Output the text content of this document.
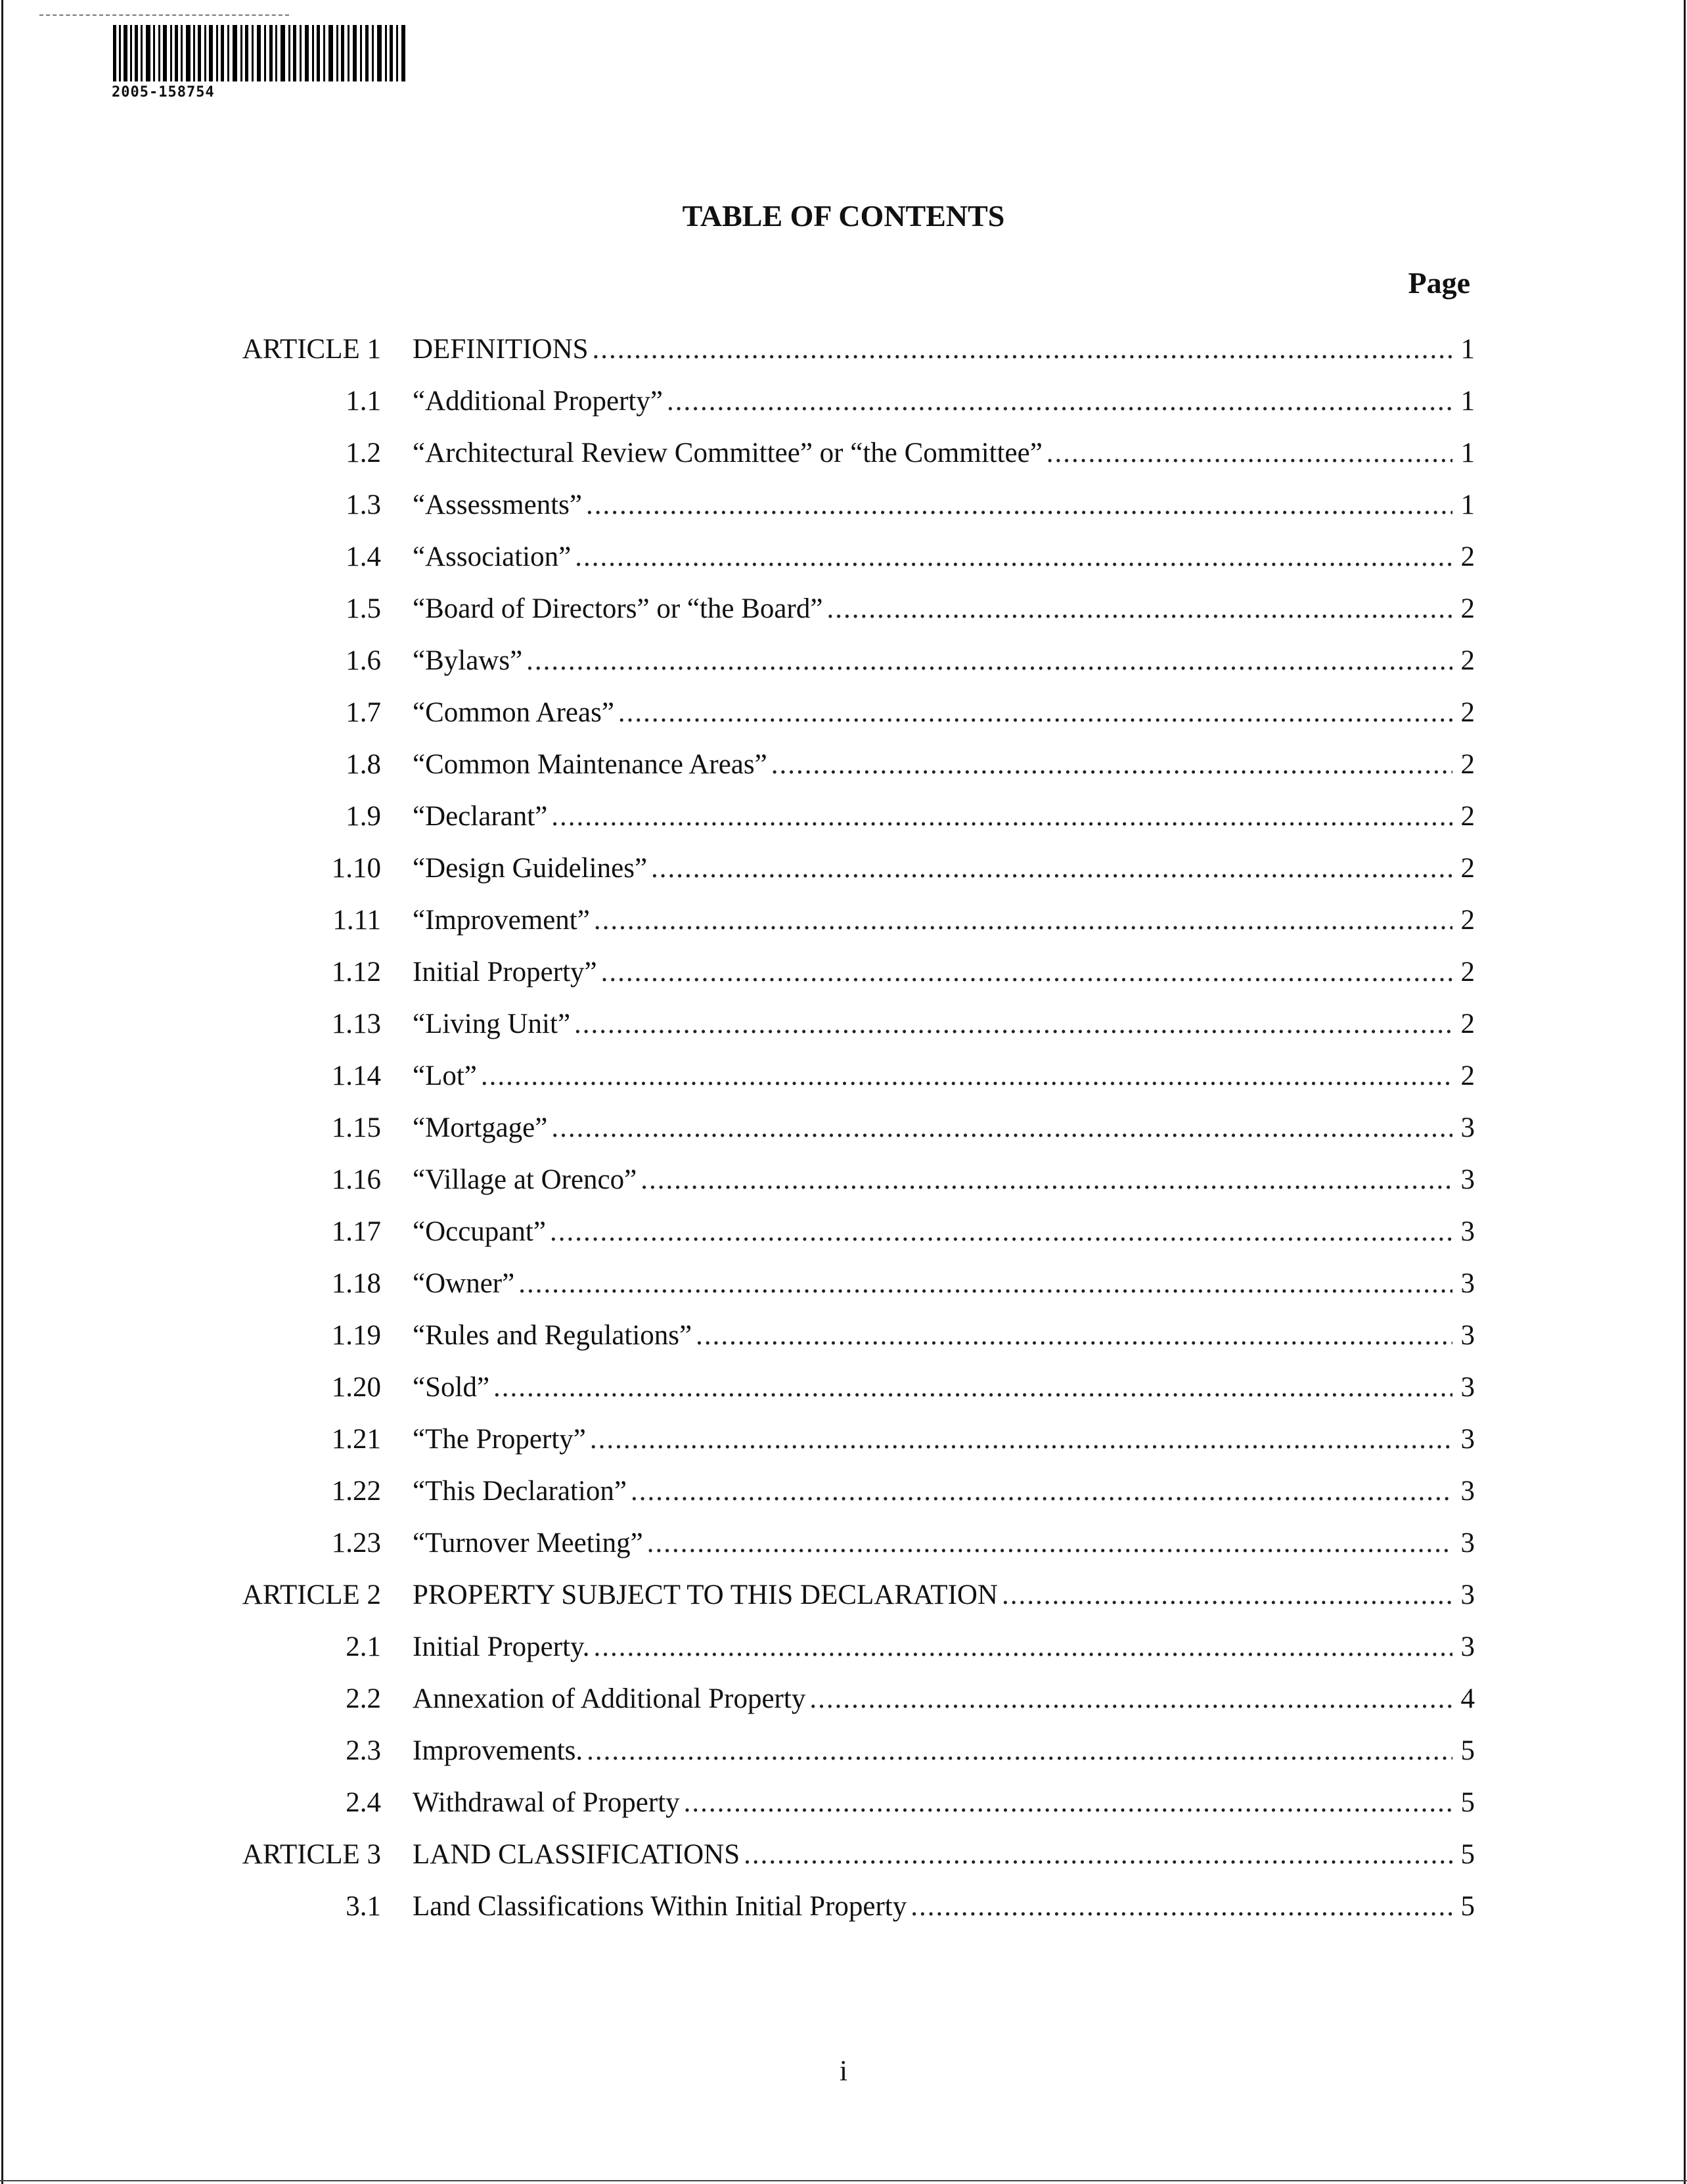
2005-158754
TABLE OF CONTENTS
Page
ARTICLE 1 DEFINITIONS .....	1
1.1 “Additional Property” .....	1
1.2 “Architectural Review Committee” or “the Committee” .....	1
1.3 “Assessments” .....	1
1.4 “Association” .....	2
1.5 “Board of Directors” or “the Board” .....	2
1.6 “Bylaws” .....	2
1.7 “Common Areas” .....	2
1.8 “Common Maintenance Areas” .....	2
1.9 “Declarant” .....	2
1.10 “Design Guidelines” .....	2
1.11 “Improvement” .....	2
1.12 Initial Property” .....	2
1.13 “Living Unit” .....	2
1.14 “Lot” .....	2
1.15 “Mortgage” .....	3
1.16 “Village at Orenco” .....	3
1.17 “Occupant” .....	3
1.18 “Owner” .....	3
1.19 “Rules and Regulations” .....	3
1.20 “Sold” .....	3
1.21 “The Property” .....	3
1.22 “This Declaration” .....	3
1.23 “Turnover Meeting” .....	3
ARTICLE 2 PROPERTY SUBJECT TO THIS DECLARATION .....	3
2.1 Initial Property. .....	3
2.2 Annexation of Additional Property .....	4
2.3 Improvements. .....	5
2.4 Withdrawal of Property .....	5
ARTICLE 3 LAND CLASSIFICATIONS .....	5
3.1 Land Classifications Within Initial Property .....	5
i
